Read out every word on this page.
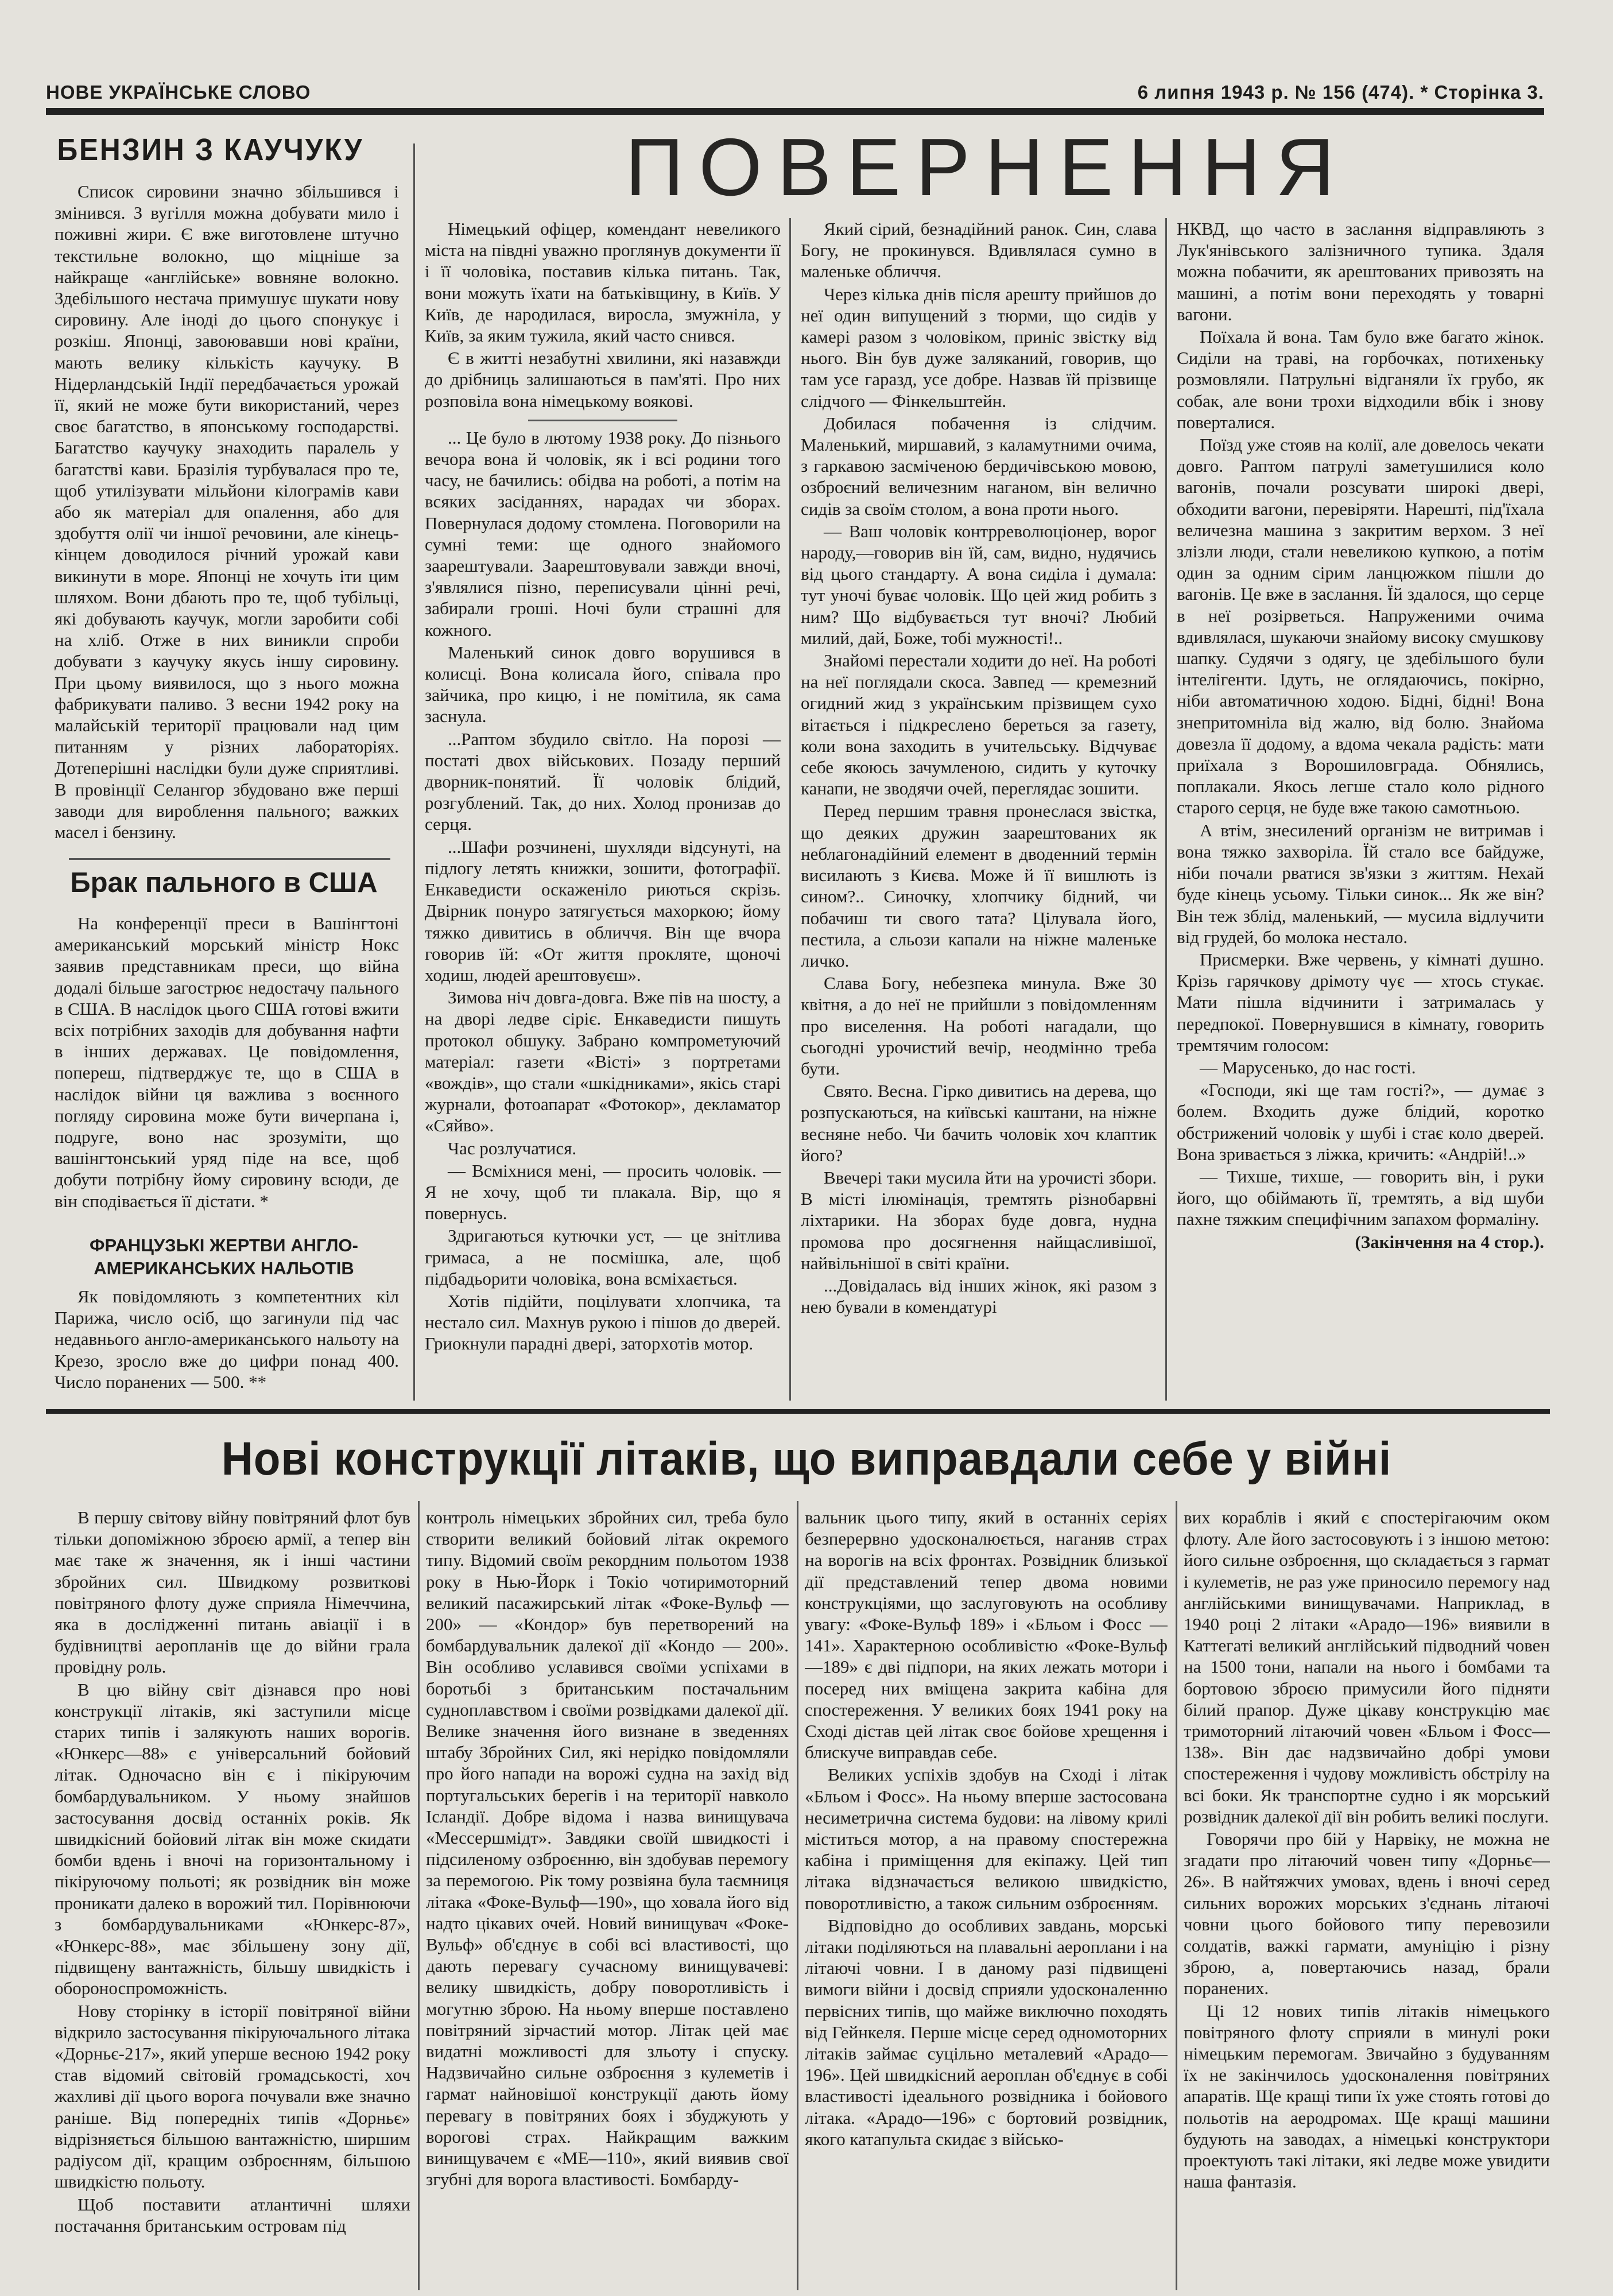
НОВЕ УКРАЇНСЬКЕ СЛОВО	6 липня 1943 р. № 156 (474). * Сторінка 3.
БЕНЗИН З КАУЧУКУ

Список сировини значно збільшився і змінився. З вугілля можна добувати мило і поживні жири. Є вже виготовлене штучно текстильне волокно, що міцніше за найкраще «англійське» вовняне волокно. Здебільшого нестача примушує шукати нову сировину. Але іноді до цього спонукує і розкіш. Японці, завоювавши нові країни, мають велику кількість каучуку. В Нідерландській Індії передбачається урожай її, який не може бути використаний, через своє багатство, в японському господарстві. Багатство каучуку знаходить паралель у багатстві кави. Бразілія турбувалася про те, щоб утилізувати мільйони кілограмів кави або як матеріал для опалення, або для здобуття олії чи іншої речовини, але кінець-кінцем доводилося річний урожай кави викинути в море. Японці не хочуть іти цим шляхом. Вони дбають про те, щоб тубільці, які добувають каучук, могли заробити собі на хліб. Отже в них виникли спроби добувати з каучуку якусь іншу сировину. При цьому виявилося, що з нього можна фабрикувати паливо. З весни 1942 року на малайській території працювали над цим питанням у різних лабораторіях. Дотеперішні наслідки були дуже сприятливі. В провінції Селангор збудовано вже перші заводи для вироблення пального; важких масел і бензину.

Брак пального в США

На конференції преси в Вашінгтоні американський морський міністр Нокс заявив представникам преси, що війна додалі більше загострює недостачу пального в США. В наслідок цього США готові вжити всіх потрібних заходів для добування нафти в інших державах. Це повідомлення, попереш, підтверджує те, що в США в наслідок війни ця важлива з воєнного погляду сировина може бути вичерпана і, подруге, воно нас зрозуміти, що вашінгтонський уряд піде на все, щоб добути потрібну йому сировину всюди, де він сподівається її дістати. *

ФРАНЦУЗЬКІ ЖЕРТВИ АНГЛО-АМЕРИКАНСЬКИХ НАЛЬОТІВ

Як повідомляють з компетентних кіл Парижа, число осіб, що загинули під час недавнього англо-американського нальоту на Крезо, зросло вже до цифри понад 400. Число поранених — 500. **

ПОВЕРНЕННЯ

Німецький офіцер, комендант невеликого міста на півдні уважно проглянув документи її і її чоловіка, поставив кілька питань. Так, вони можуть їхати на батьківщину, в Київ. У Київ, де народилася, виросла, змужніла, у Київ, за яким тужила, який часто снився.

Є в житті незабутні хвилини, які назавжди до дрібниць залишаються в пам'яті. Про них розповіла вона німецькому воякові.

... Це було в лютому 1938 року. До пізнього вечора вона й чоловік, як і всі родини того часу, не бачились: обідва на роботі, а потім на всяких засіданнях, нарадах чи зборах. Повернулася додому стомлена. Поговорили на сумні теми: ще одного знайомого заарештували. Заарештовували завжди вночі, з'являлися пізно, переписували цінні речі, забирали гроші. Ночі були страшні для кожного.

Маленький синок довго ворушився в колисці. Вона колисала його, співала про зайчика, про кицю, і не помітила, як сама заснула.

...Раптом збудило світло. На порозі — постаті двох військових. Позаду перший дворник-понятий. Її чоловік блідий, розгублений. Так, до них. Холод пронизав до серця.

...Шафи розчинені, шухляди відсунуті, на підлогу летять книжки, зошити, фотографії. Енкаведисти оскаженіло риються скрізь. Двірник понуро затягується махоркою; йому тяжко дивитись в обличчя. Він ще вчора говорив їй: «От життя прокляте, щоночі ходиш, людей арештовуєш».

Зимова ніч довга-довга. Вже пів на шосту, а на дворі ледве сіріє. Енкаведисти пишуть протокол обшуку. Забрано компрометуючий матеріал: газети «Вісті» з портретами «вождів», що стали «шкідниками», якісь старі журнали, фотоапарат «Фотокор», декламатор «Сяйво».

Час розлучатися.

— Всміхнися мені, — просить чоловік. — Я не хочу, щоб ти плакала. Вір, що я повернусь.

Здригаються кутючки уст, — це знітлива гримаса, а не посмішка, але, щоб підбадьорити чоловіка, вона всміхається.

Хотів підійти, поцілувати хлопчика, та нестало сил. Махнув рукою і пішов до дверей. Гриокнули парадні двері, затоpxотів мотор.

Який сірий, безнадійний ранок. Син, слава Богу, не прокинувся. Вдивлялася сумно в маленьке обличчя.

Через кілька днів після арешту прийшов до неї один випущений з тюрми, що сидів у камері разом з чоловіком, приніс звістку від нього. Він був дуже заляканий, говорив, що там усе гаразд, усе добре. Назвав їй прізвище слідчого — Фінкельштейн.

Добилася побачення із слідчим. Маленький, миршавий, з каламутними очима, з гаркавою засміченою бердичівською мовою, озброєний величезним наганом, він велично сидів за своїм столом, а вона проти нього.

— Ваш чоловік контрреволюціонер, ворог народу,—говорив він їй, сам, видно, нудячись від цього стандарту. А вона сиділа і думала: тут уночі буває чоловік. Що цей жид робить з ним? Що відбувається тут вночі? Любий милий, дай, Боже, тобі мужності!..

Знайомі перестали ходити до неї. На роботі на неї поглядали скоса. Завпед — кремезний огидний жид з українським прізвищем сухо вітається і підкреслено береться за газету, коли вона заходить в учительську. Відчуває себе якоюсь зачумленою, сидить у куточку канапи, не зводячи очей, переглядає зошити.

Перед першим травня пронеслася звістка, що деяких дружин заарештованих як неблагонадійний елемент в дводенний термін висилають з Києва. Може й її вишлють із сином?.. Синочку, хлопчику бідний, чи побачиш ти свого тата? Цілувала його, пестила, а сльози капали на ніжне маленьке личко.

Слава Богу, небезпека минула. Вже 30 квітня, а до неї не прийшли з повідомленням про виселення. На роботі нагадали, що сьогодні урочистий вечір, неодмінно треба бути.

Свято. Весна. Гірко дивитись на дерева, що розпускаються, на київські каштани, на ніжне весняне небо. Чи бачить чоловік хоч клаптик його?

Ввечері таки мусила йти на урочисті збори. В місті ілюмінація, тремтять різнобарвні ліхтарики. На зборах буде довга, нудна промова про досягнення найщасливішої, найвільнішої в світі країни.

...Довідалась від інших жінок, які разом з нею бували в комендатурі

НКВД, що часто в заслання відправляють з Лук'янівського залізничного тупика. Здаля можна побачити, як арештованих привозять на машині, а потім вони переходять у товарні вагони.

Поїхала й вона. Там було вже багато жінок. Сиділи на траві, на горбочках, потихеньку розмовляли. Патрульні відганяли їх грубо, як собак, але вони трохи відходили вбік і знову поверталися.

Поїзд уже стояв на колії, але довелось чекати довго. Раптом патрулі заметушилися коло вагонів, почали розсувати широкі двері, обходити вагони, перевіряти. Нарешті, під'їхала величезна машина з закритим верхом. З неї злізли люди, стали невеликою купкою, а потім один за одним сірим ланцюжком пішли до вагонів. Це вже в заслання. Їй здалося, що серце в неї розірветься. Напруженими очима вдивлялася, шукаючи знайому високу смушкову шапку. Судячи з одягу, це здебільшого були інтелігенти. Ідуть, не оглядаючись, покірно, ніби автоматичною ходою. Бідні, бідні! Вона знепритомніла від жалю, від болю. Знайома довезла її додому, а вдома чекала радість: мати приїхала з Ворошиловграда. Обнялись, поплакали. Якось легше стало коло рідного старого серця, не буде вже такою самотньою.

А втім, знесилений організм не витримав і вона тяжко захворіла. Їй стало все байдуже, ніби почали рватися зв'язки з життям. Нехай буде кінець усьому. Тільки синок... Як же він? Він теж зблід, маленький, — мусила відлучити від грудей, бо молока нестало.

Присмерки. Вже червень, у кімнаті душно. Крізь гарячкову дрімоту чує — хтось стукає. Мати пішла відчинити і затрималась у передпокої. Повернувшися в кімнату, говорить тремтячим голосом:

— Марусенько, до нас гості.

«Господи, які ще там гості?», — думає з болем. Входить дуже блідий, коротко обстрижений чоловік у шубі і стає коло дверей. Вона зривається з ліжка, кричить: «Андрій!..»

— Тихше, тихше, — говорить він, і руки його, що обіймають її, тремтять, а від шуби пахне тяжким специфічним запахом формаліну.

(Закінчення на 4 стор.).

Нові конструкції літаків, що виправдали себе у війні

В першу світову війну повітряний флот був тільки допоміжною зброєю армії, а тепер він має таке ж значення, як і інші частини збройних сил. Швидкому розвиткові повітряного флоту дуже сприяла Німеччина, яка в дослідженні питань авіації і в будівництві аеропланів ще до війни грала провідну роль.

В цю війну світ дізнався про нові конструкції літаків, які заступили місце старих типів і залякують наших ворогів. «Юнкерс—88» є універсальний бойовий літак. Одночасно він є і пікіруючим бомбардувальником. У ньому знайшов застосування досвід останніх років. Як швидкісний бойовий літак він може скидати бомби вдень і вночі на горизонтальному і пікіруючому польоті; як розвідник він може проникати далеко в ворожий тил. Порівнюючи з бомбардувальниками «Юнкерс-87», «Юнкерс-88», має збільшену зону дії, підвищену вантажність, більшу швидкість і обороноспроможність.

Нову сторінку в історії повітряної війни відкрило застосування пікіруючального літака «Дорньє-217», який уперше весною 1942 року став відомий світовій громадськості, хоч жахливі дії цього ворога почували вже значно раніше. Від попередніх типів «Дорньє» відрізняється більшою вантажністю, ширшим радіусом дії, кращим озброєнням, більшою швидкістю польоту.

Щоб поставити атлантичні шляхи постачання британським островам під

контроль німецьких збройних сил, треба було створити великий бойовий літак окремого типу. Відомий своїм рекордним польотом 1938 року в Нью-Йорк і Токіо чотиримоторний великий пасажирський літак «Фоке-Вульф — 200» — «Кондор» був перетворений на бомбардувальник далекої дії «Кондо — 200». Він особливо уславився своїми успіхами в боротьбі з британським постачальним судноплавством і своїми розвідками далекої дії. Велике значення його визнане в зведеннях штабу Збройних Сил, які нерідко повідомляли про його напади на ворожі судна на захід від португальських берегів і на території навколо Ісландії. Добре відома і назва винищувача «Мессершмідт». Завдяки своїй швидкості і підсиленому озброєнню, він здобував перемогу за перемогою. Рік тому розвіяна була таємниця літака «Фоке-Вульф—190», що ховала його від надто цікавих очей. Новий винищувач «Фоке-Вульф» об'єднує в собі всі властивості, що дають перевагу сучасному винищувачеві: велику швидкість, добру поворотливість і могутню зброю. На ньому вперше поставлено повітряний зірчастий мотор. Літак цей має видатні можливості для зльоту і спуску. Надзвичайно сильне озброєння з кулеметів і гармат найновішої конструкції дають йому перевагу в повітряних боях і збуджують у ворогові страх. Найкращим важким винищувачем є «МЕ—110», який виявив свої згубні для ворога властивості. Бомбарду-

вальник цього типу, який в останніх серіях безперервно удосконалюється, наганяв страх на ворогів на всіх фронтах. Розвідник близької дії представлений тепер двома новими конструкціями, що заслуговують на особливу увагу: «Фоке-Вульф 189» і «Бльом і Фосс — 141». Характерною особливістю «Фоке-Вульф—189» є дві підпори, на яких лежать мотори і посеред них вміщена закрита кабіна для спостереження. У великих боях 1941 року на Сході дістав цей літак своє бойове хрещення і блискуче виправдав себе.

Великих успіхів здобув на Сході і літак «Бльом і Фосс». На ньому вперше застосована несиметрична система будови: на лівому крилі міститься мотор, а на правому спостережна кабіна і приміщення для екіпажу. Цей тип літака відзначається великою швидкістю, поворотливістю, а також сильним озброєнням.

Відповідно до особливих завдань, морські літаки поділяються на плавальні аероплани і на літаючі човни. І в даному разі підвищені вимоги війни і досвід сприяли удосконаленню первісних типів, що майже виключно походять від Гейнкеля. Перше місце серед одномоторних літаків займає суцільно металевий «Арадо—196». Цей швидкісний аероплан об'єднує в собі властивості ідеального розвідника і бойового літака. «Арадо—196» с бортовий розвідник, якого катапульта скидає з військо-

вих кораблів і який є спостерігаючим оком флоту. Але його застосовують і з іншою метою: його сильне озброєння, що складається з гармат і кулеметів, не раз уже приносило перемогу над англійськими винищувачами. Наприклад, в 1940 році 2 літаки «Арадо—196» виявили в Каттегаті великий англійський підводний човен на 1500 тони, напали на нього і бомбами та бортовою зброєю примусили його підняти білий прапор. Дуже цікаву конструкцію має тримоторний літаючий човен «Бльом і Фосс—138». Він дає надзвичайно добрі умови спостереження і чудову можливість обстрілу на всі боки. Як транспортне судно і як морський розвідник далекої дії він робить великі послуги.

Говорячи про бій у Нарвіку, не можна не згадати про літаючий човен типу «Дорньє—26». В найтяжчих умовах, вдень і вночі серед сильних ворожих морських з'єднань літаючі човни цього бойового типу перевозили солдатів, важкі гармати, амуніцію і різну зброю, а, повертаючись назад, брали поранених.

Ці 12 нових типів літаків німецького повітряного флоту сприяли в минулі роки німецьким перемогам. Звичайно з будуванням їх не закінчилось удосконалення повітряних апаратів. Ще кращі типи їх уже стоять готові до польотів на аеродромах. Ще кращі машини будують на заводах, а німецькі конструктори проектують такі літаки, які ледве може увидити наша фантазія.
